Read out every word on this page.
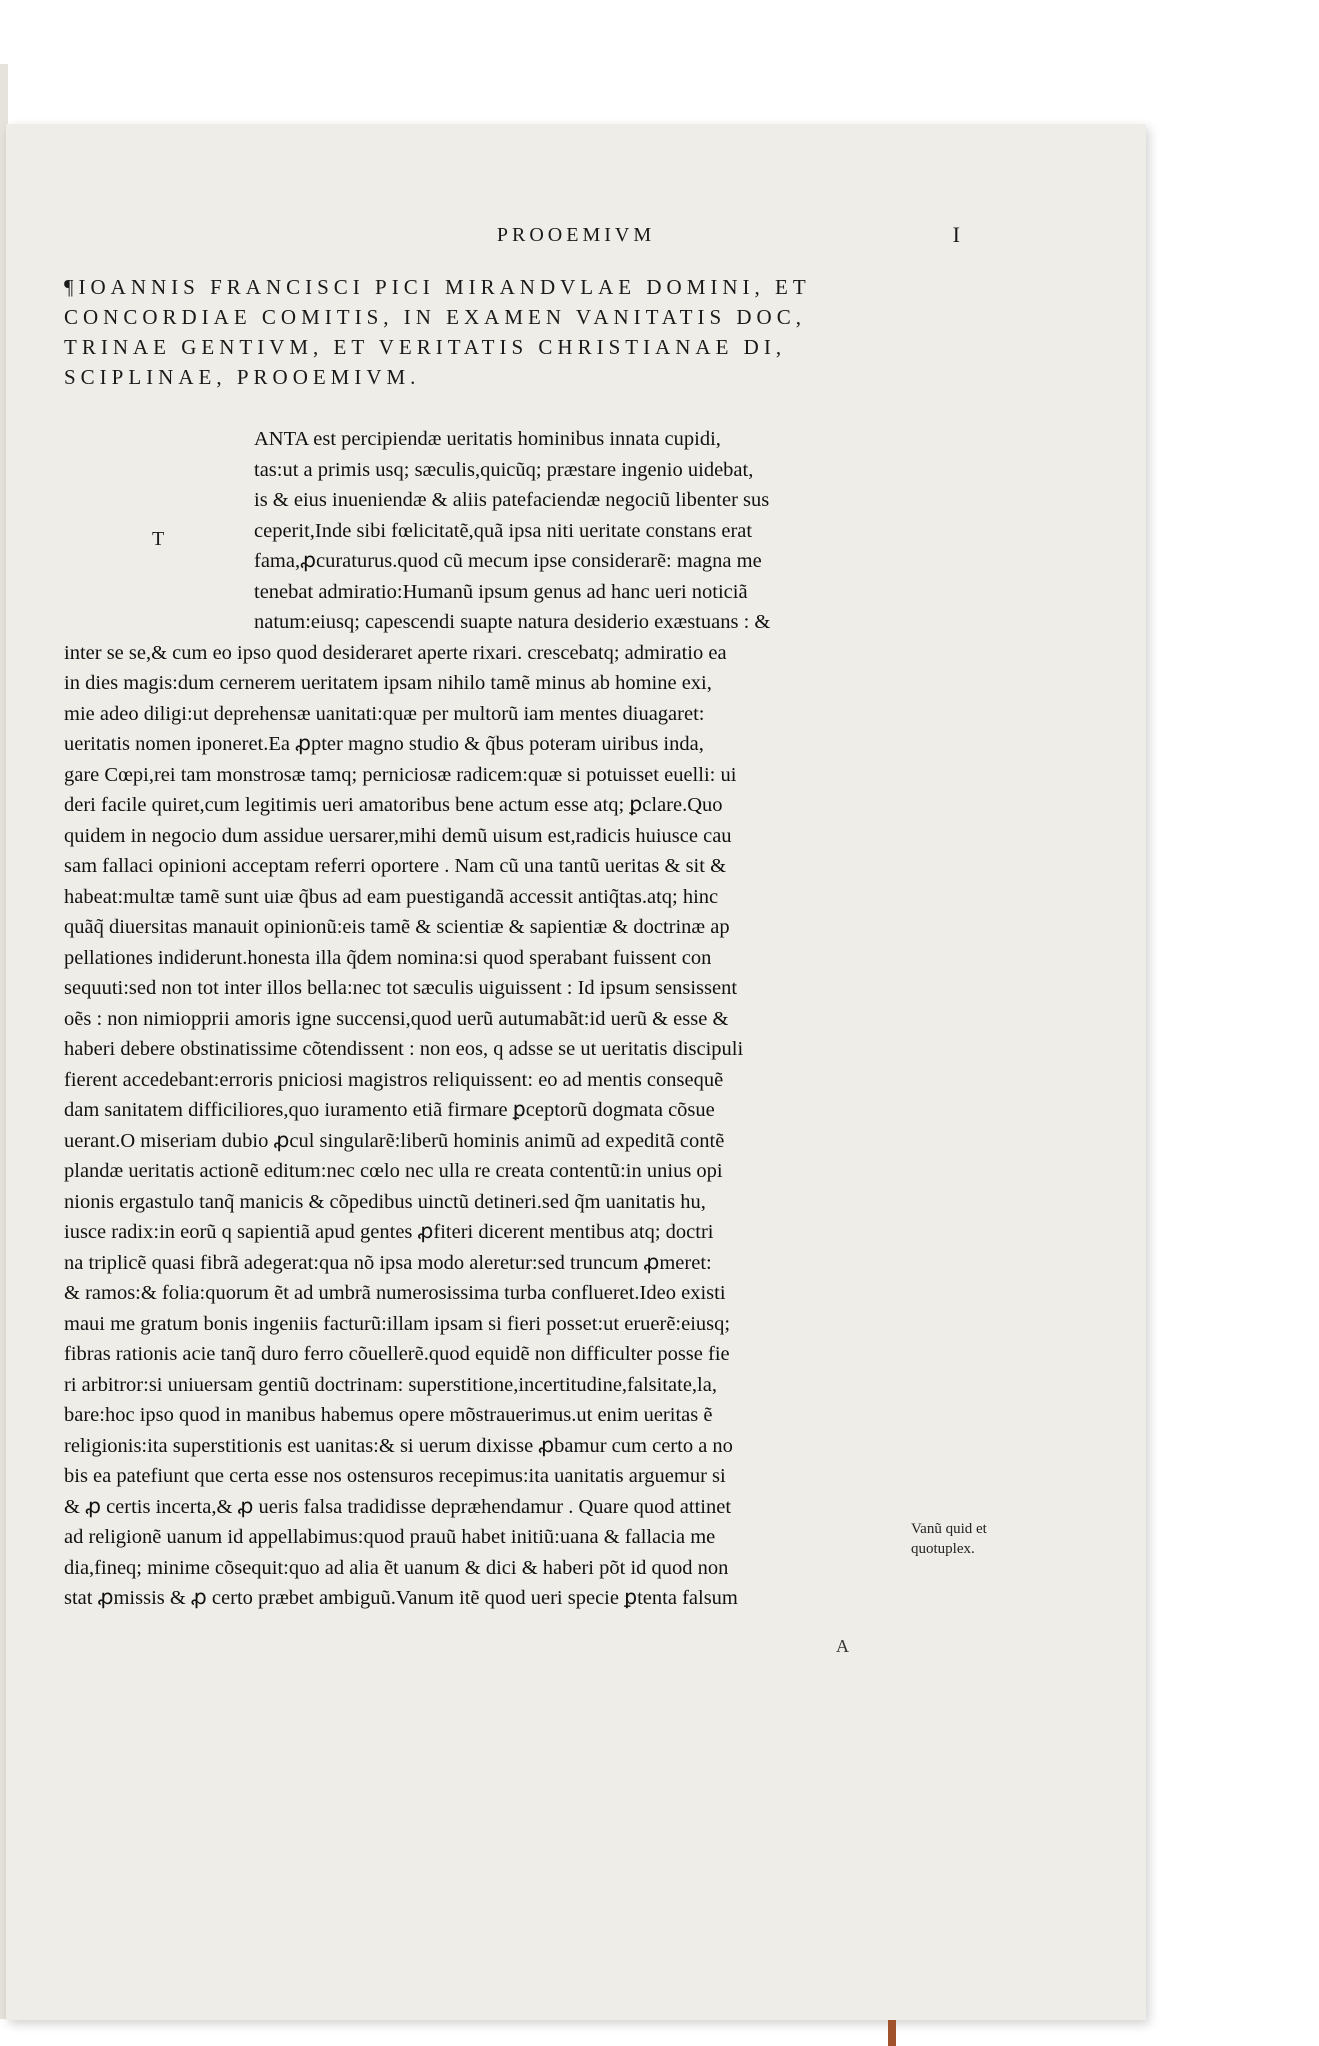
PROOEMIVM	I
¶IOANNIS FRANCISCI PICI MIRANDVLAE DOMINI, ET
CONCORDIAE COMITIS, IN EXAMEN VANITATIS DOC,
TRINAE GENTIVM, ET VERITATIS CHRISTIANAE DI,
SCIPLINAE, PROOEMIVM.
T
ANTA est percipiendæ ueritatis hominibus innata cupidi,
tas:ut a primis usq; sæculis,quicũq; præstare ingenio uidebat,
is & eius inueniendæ & aliis patefaciendæ negociũ libenter sus
ceperit,Inde sibi fœlicitatẽ,quã ipsa niti ueritate constans erat
fama,ꝓcuraturus.quod cũ mecum ipse considerarẽ: magna me
tenebat admiratio:Humanũ ipsum genus ad hanc ueri noticiã
natum:eiusq; capescendi suapte natura desiderio exæstuans : &
inter se se,& cum eo ipso quod desideraret aperte rixari. crescebatq; admiratio ea
in dies magis:dum cernerem ueritatem ipsam nihilo tamẽ minus ab homine exi,
mie adeo diligi:ut deprehensæ uanitati:quæ per multorũ iam mentes diuagaret:
ueritatis nomen iponeret.Ea ꝓpter magno studio & q̃bus poteram uiribus inda,
gare Cœpi,rei tam monstrosæ tamq; perniciosæ radicem:quæ si potuisset euelli: ui
deri facile quiret,cum legitimis ueri amatoribus bene actum esse atq; ꝑclare.Quo
quidem in negocio dum assidue uersarer,mihi demũ uisum est,radicis huiusce cau
sam fallaci opinioni acceptam referri oportere . Nam cũ una tantũ ueritas & sit &
habeat:multæ tamẽ sunt uiæ q̃bus ad eam puestigandã accessit antiq̃tas.atq; hinc
quãq̃ diuersitas manauit opinionũ:eis tamẽ & scientiæ & sapientiæ & doctrinæ ap
pellationes indiderunt.honesta illa q̃dem nomina:si quod sperabant fuissent con
sequuti:sed non tot inter illos bella:nec tot sæculis uiguissent : Id ipsum sensissent
oẽs : non nimiopprii amoris igne succensi,quod uerũ autumabãt:id uerũ & esse &
haberi debere obstinatissime cõtendissent : non eos, q adsse se ut ueritatis discipuli
fierent accedebant:erroris pniciosi magistros reliquissent: eo ad mentis consequẽ
dam sanitatem difficiliores,quo iuramento etiã firmare ꝑceptorũ dogmata cõsue
uerant.O miseriam dubio ꝓcul singularẽ:liberũ hominis animũ ad expeditã contẽ
plandæ ueritatis actionẽ editum:nec cœlo nec ulla re creata contentũ:in unius opi
nionis ergastulo tanq̃ manicis & cõpedibus uinctũ detineri.sed q̃m uanitatis hu,
iusce radix:in eorũ q sapientiã apud gentes ꝓfiteri dicerent mentibus atq; doctri
na triplicẽ quasi fibrã adegerat:qua nõ ipsa modo aleretur:sed truncum ꝓmeret:
& ramos:& folia:quorum ẽt ad umbrã numerosissima turba conflueret.Ideo existi
maui me gratum bonis ingeniis facturũ:illam ipsam si fieri posset:ut eruerẽ:eiusq;
fibras rationis acie tanq̃ duro ferro cõuellerẽ.quod equidẽ non difficulter posse fie
ri arbitror:si uniuersam gentiũ doctrinam: superstitione,incertitudine,falsitate,la,
bare:hoc ipso quod in manibus habemus opere mõstrauerimus.ut enim ueritas ẽ
religionis:ita superstitionis est uanitas:& si uerum dixisse ꝓbamur cum certo a no
bis ea patefiunt que certa esse nos ostensuros recepimus:ita uanitatis arguemur si
& ꝓ certis incerta,& ꝓ ueris falsa tradidisse depræhendamur . Quare quod attinet
ad religionẽ uanum id appellabimus:quod prauũ habet initiũ:uana & fallacia me
dia,fineq; minime cõsequit:quo ad alia ẽt uanum & dici & haberi põt id quod non
stat ꝓmissis & ꝓ certo præbet ambiguũ.Vanum itẽ quod ueri specie ꝑtenta falsum
Vanũ quid et quotuplex.
A
